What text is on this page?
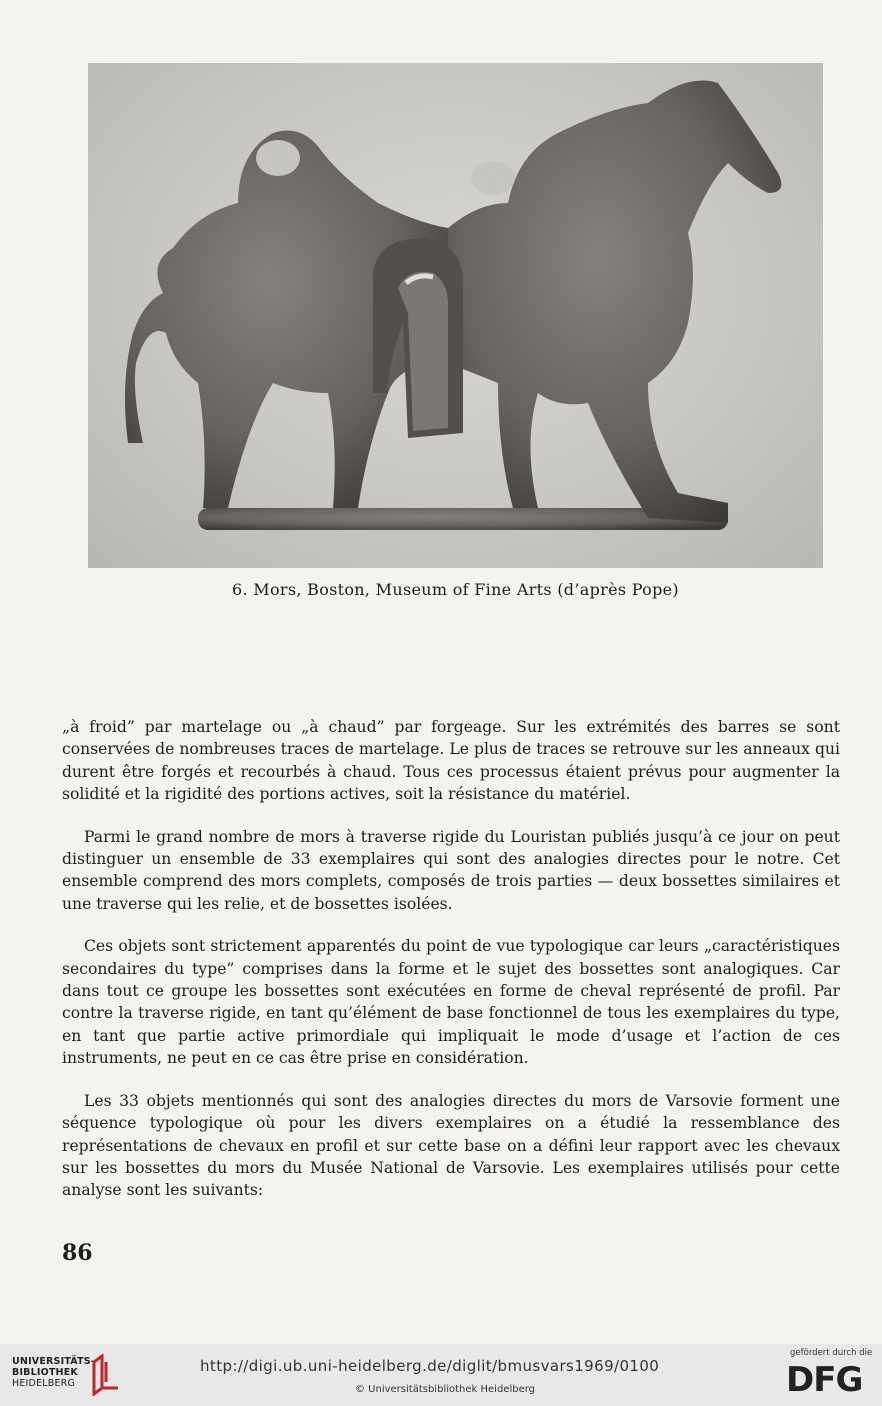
6. Mors, Boston, Museum of Fine Arts (d’après Pope)

„à froid” par martelage ou „à chaud” par forgeage. Sur les extrémités des barres se sont conservées de nombreuses traces de martelage. Le plus de traces se retrouve sur les anneaux qui durent être forgés et recourbés à chaud. Tous ces processus étaient prévus pour augmenter la solidité et la rigidité des portions actives, soit la résistance du matériel.

Parmi le grand nombre de mors à traverse rigide du Louristan publiés jusqu’à ce jour on peut distinguer un ensemble de 33 exemplaires qui sont des analogies directes pour le notre. Cet ensemble comprend des mors complets, composés de trois parties — deux bossettes similaires et une traverse qui les relie, et de bossettes isolées.

Ces objets sont strictement apparentés du point de vue typologique car leurs „caractéristiques secondaires du type” comprises dans la forme et le sujet des bossettes sont analogiques. Car dans tout ce groupe les bossettes sont exécutées en forme de cheval représenté de profil. Par contre la traverse rigide, en tant qu’élément de base fonctionnel de tous les exemplaires du type, en tant que partie active primordiale qui impliquait le mode d’usage et l’action de ces instruments, ne peut en ce cas être prise en considération.

Les 33 objets mentionnés qui sont des analogies directes du mors de Varsovie forment une séquence typologique où pour les divers exemplaires on a étudié la ressemblance des représentations de chevaux en profil et sur cette base on a défini leur rapport avec les chevaux sur les bossettes du mors du Musée National de Varsovie. Les exemplaires utilisés pour cette analyse sont les suivants:

86
UNIVERSITÄTS-
BIBLIOTHEK
HEIDELBERG
http://digi.ub.uni-heidelberg.de/diglit/bmusvars1969/0100
© Universitätsbibliothek Heidelberg
gefördert durch die
DFG
